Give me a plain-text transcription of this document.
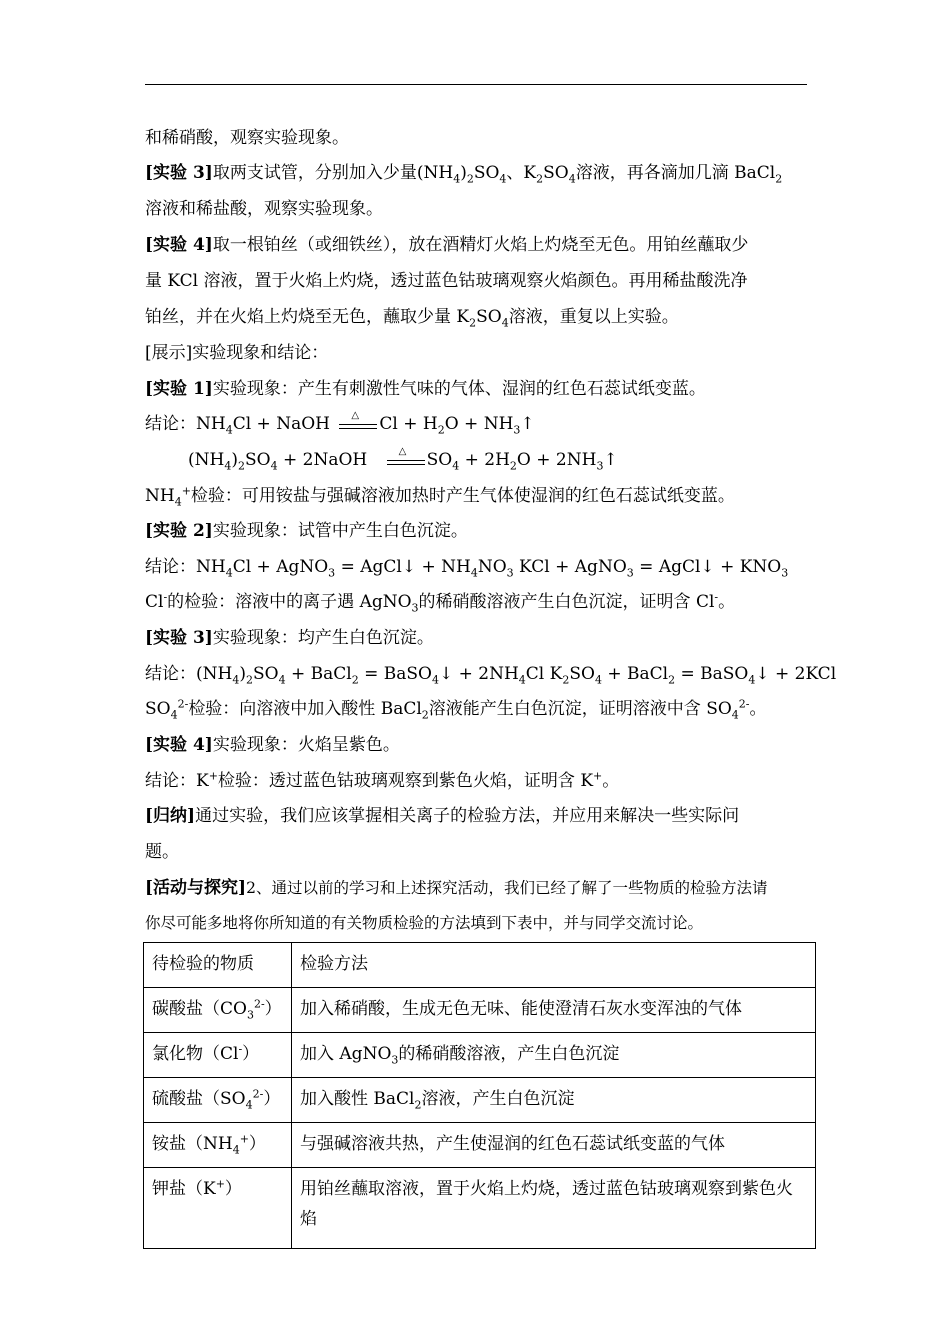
和稀硝酸，观察实验现象。
[实验 3]取两支试管，分别加入少量$(NH_4)_2SO_4$、$K_2SO_4$溶液，再各滴加几滴 BaCl$_2$
溶液和稀盐酸，观察实验现象。
[实验 4]取一根铂丝（或细铁丝），放在酒精灯火焰上灼烧至无色。用铂丝蘸取少
量 KCl 溶液，置于火焰上灼烧，透过蓝色钴玻璃观察火焰颜色。再用稀盐酸洗净
铂丝，并在火焰上灼烧至无色，蘸取少量 $K_2SO_4$溶液，重复以上实验。
[展示]实验现象和结论：
[实验 1]实验现象：产生有刺激性气味的气体、湿润的红色石蕊试纸变蓝。
结论：$NH_4Cl$ + NaOH △ $Cl + H_2O$ + $NH_3↑$
$(NH_4)_2SO_4$ + 2NaOH	△ $SO_4 + 2H_2O$ + $2NH_3↑$
$NH_4^+$检验：可用铵盐与强碱溶液加热时产生气体使湿润的红色石蕊试纸变蓝。
[实验 2]实验现象：试管中产生白色沉淀。
结论：$NH_4Cl$ + AgNO$_3$ = AgCl↓ + $NH_4NO_3$ KCl + AgNO$_3$ = AgCl↓ + $KNO_3$
Cl-的检验：溶液中的离子遇 AgNO$_3$的稀硝酸溶液产生白色沉淀，证明含 Cl-。
[实验 3]实验现象：均产生白色沉淀。
结论：$(NH_4)_2SO_4$ + BaCl$_2$ = BaSO$_4$↓ + $2NH_4Cl$ $K_2SO_4$ + BaCl$_2$ = BaSO$_4$↓ + 2KCl
$SO_4^{2-}$检验：向溶液中加入酸性 BaCl$_2$溶液能产生白色沉淀，证明溶液中含 $SO_4^{2-}$。
[实验 4]实验现象：火焰呈紫色。
结论：K+检验：透过蓝色钴玻璃观察到紫色火焰，证明含 K+。
[归纳]通过实验，我们应该掌握相关离子的检验方法，并应用来解决一些实际问
题。
[活动与探究]2、通过以前的学习和上述探究活动，我们已经了解了一些物质的检验方法请
你尽可能多地将你所知道的有关物质检验的方法填到下表中，并与同学交流讨论。
待检验的物质	检验方法
碳酸盐$(CO_3^{2-})$	加入稀硝酸，生成无色无味、能使澄清石灰水变浑浊的气体
氯化物（Cl-）	加入 AgNO$_3$的稀硝酸溶液，产生白色沉淀
硫酸盐$(SO_4^{2-})$	加入酸性 BaCl$_2$溶液，产生白色沉淀
铵盐$(NH_4^+)$	与强碱溶液共热，产生使湿润的红色石蕊试纸变蓝的气体
钾盐（K+）	用铂丝蘸取溶液，置于火焰上灼烧，透过蓝色钴玻璃观察到紫色火焰
